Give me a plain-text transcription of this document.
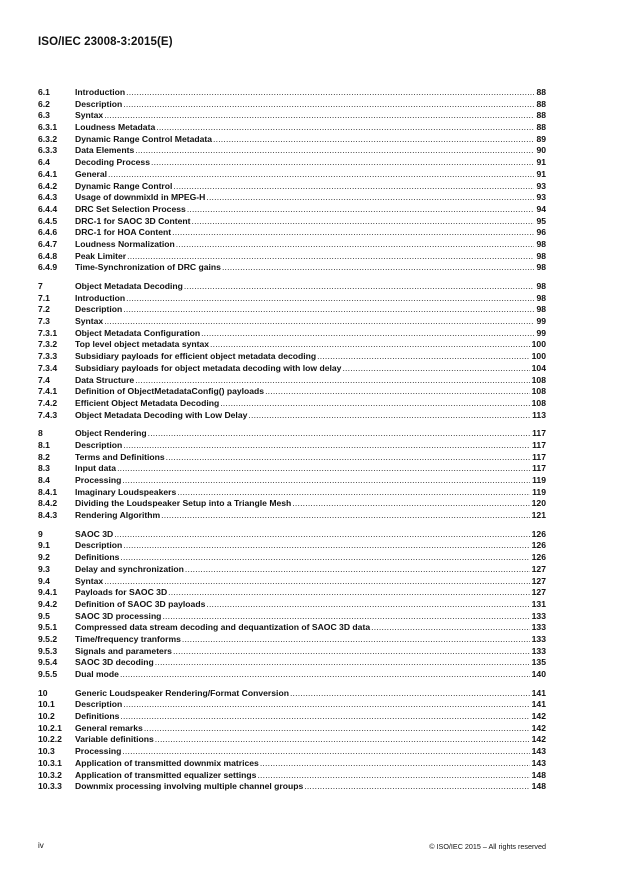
ISO/IEC 23008-3:2015(E)
6.1	Introduction .....	88
6.2	Description .....	88
6.3	Syntax .....	88
6.3.1	Loudness Metadata .....	88
6.3.2	Dynamic Range Control Metadata .....	89
6.3.3	Data Elements .....	90
6.4	Decoding Process .....	91
6.4.1	General .....	91
6.4.2	Dynamic Range Control .....	93
6.4.3	Usage of downmixId in MPEG-H .....	93
6.4.4	DRC Set Selection Process .....	94
6.4.5	DRC-1 for SAOC 3D Content .....	95
6.4.6	DRC-1 for HOA Content .....	96
6.4.7	Loudness Normalization .....	98
6.4.8	Peak Limiter .....	98
6.4.9	Time-Synchronization of DRC gains .....	98
7	Object Metadata Decoding .....	98
7.1	Introduction .....	98
7.2	Description .....	98
7.3	Syntax .....	99
7.3.1	Object Metadata Configuration .....	99
7.3.2	Top level object metadata syntax .....	100
7.3.3	Subsidiary payloads for efficient object metadata decoding .....	100
7.3.4	Subsidiary payloads for object metadata decoding with low delay .....	104
7.4	Data Structure .....	108
7.4.1	Definition of ObjectMetadataConfig() payloads .....	108
7.4.2	Efficient Object Metadata Decoding .....	108
7.4.3	Object Metadata Decoding with Low Delay .....	113
8	Object Rendering .....	117
8.1	Description .....	117
8.2	Terms and Definitions .....	117
8.3	Input data .....	117
8.4	Processing .....	119
8.4.1	Imaginary Loudspeakers .....	119
8.4.2	Dividing the Loudspeaker Setup into a Triangle Mesh .....	120
8.4.3	Rendering Algorithm .....	121
9	SAOC 3D .....	126
9.1	Description .....	126
9.2	Definitions .....	126
9.3	Delay and synchronization .....	127
9.4	Syntax .....	127
9.4.1	Payloads for SAOC 3D .....	127
9.4.2	Definition of SAOC 3D payloads .....	131
9.5	SAOC 3D processing .....	133
9.5.1	Compressed data stream decoding and dequantization of SAOC 3D data .....	133
9.5.2	Time/frequency tranforms .....	133
9.5.3	Signals and parameters .....	133
9.5.4	SAOC 3D decoding .....	135
9.5.5	Dual mode .....	140
10	Generic Loudspeaker Rendering/Format Conversion .....	141
10.1	Description .....	141
10.2	Definitions .....	142
10.2.1	General remarks .....	142
10.2.2	Variable definitions .....	142
10.3	Processing .....	143
10.3.1	Application of transmitted downmix matrices .....	143
10.3.2	Application of transmitted equalizer settings .....	148
10.3.3	Downmix processing involving multiple channel groups .....	148
iv	© ISO/IEC 2015 – All rights reserved
